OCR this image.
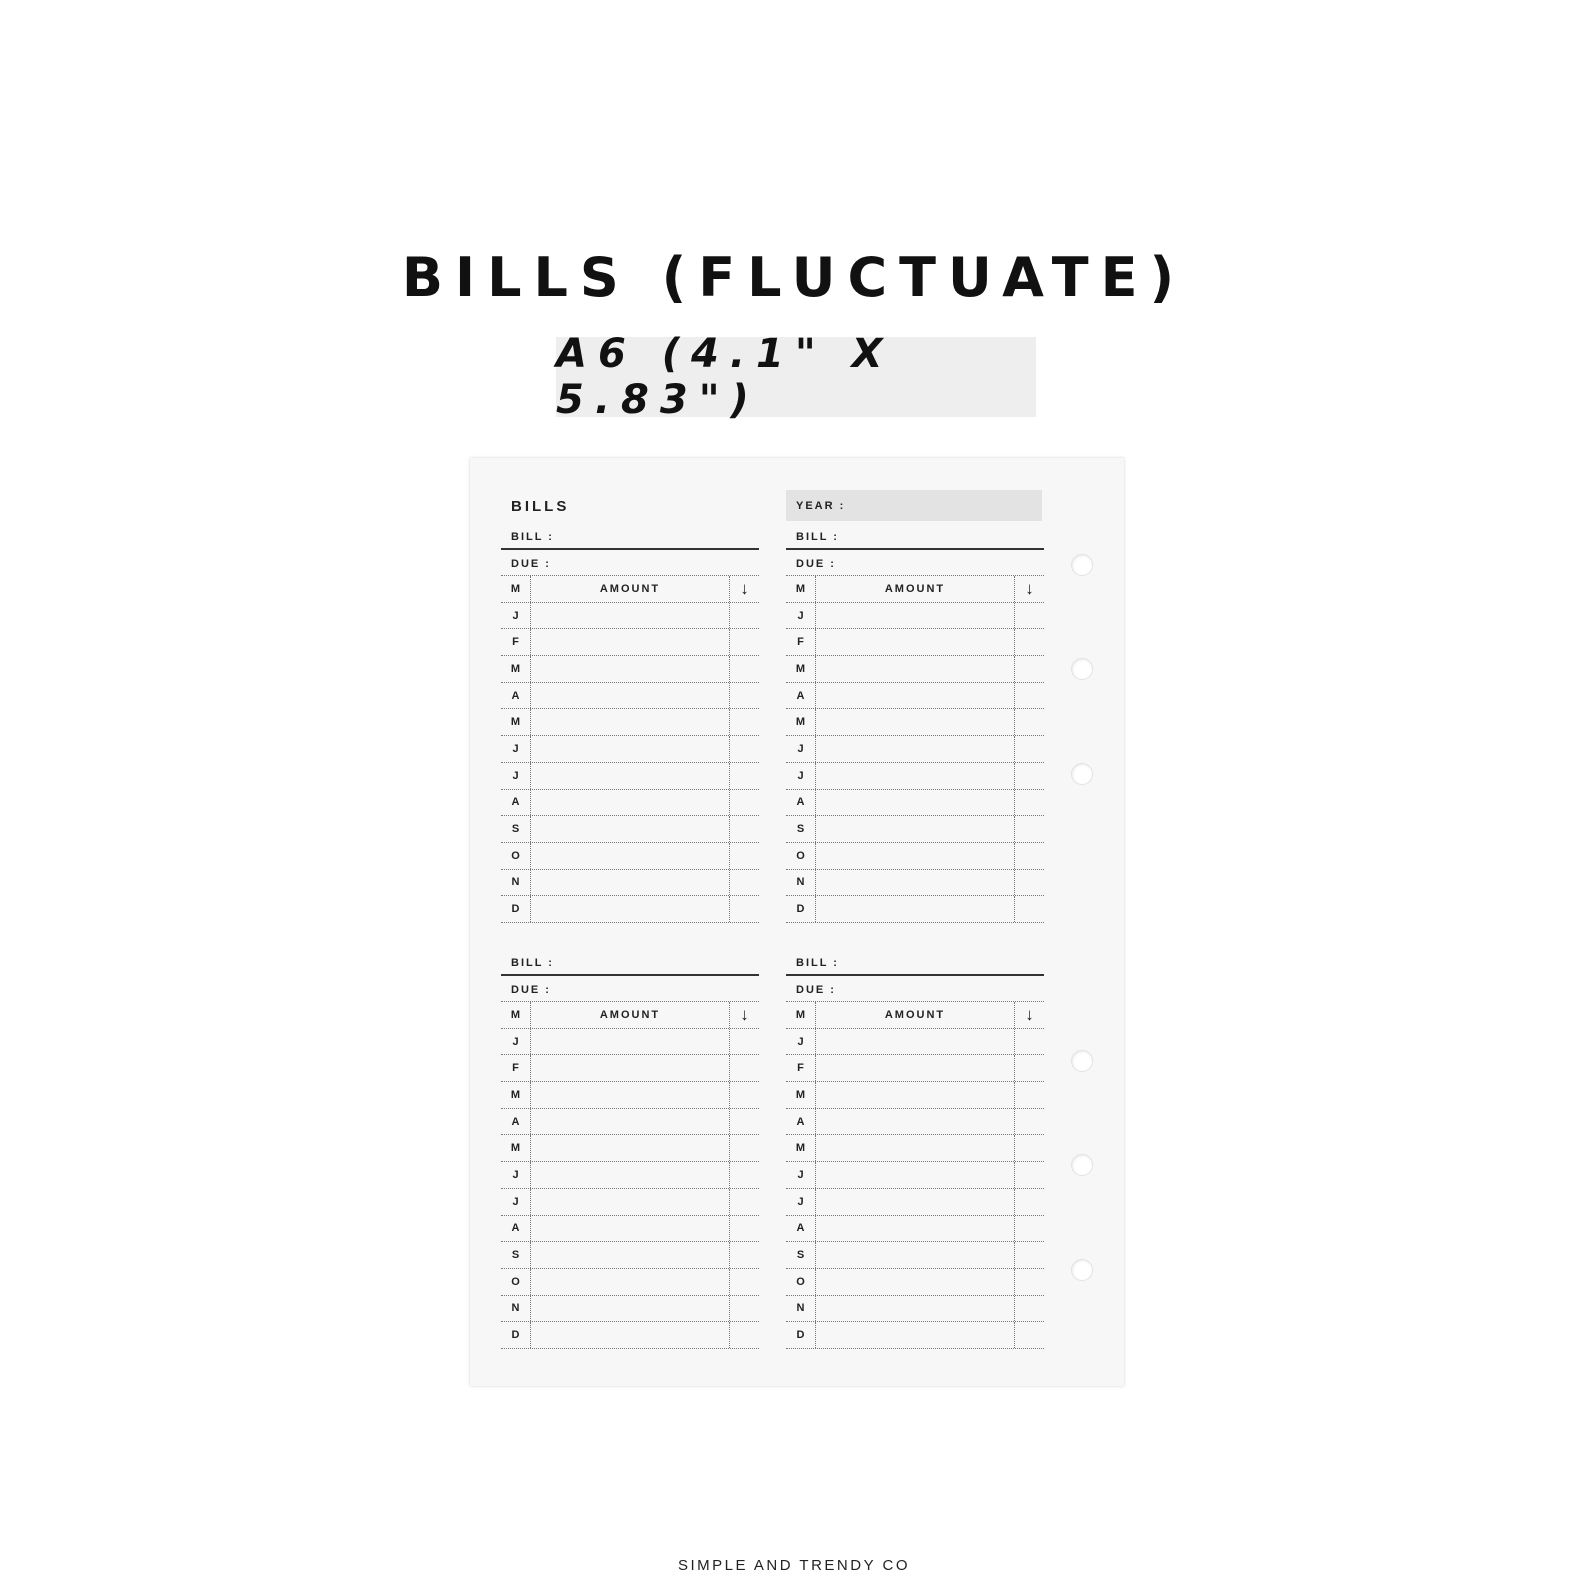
BILLS (FLUCTUATE)
A6 (4.1" X 5.83")
BILLS	YEAR :
BILL :
DUE :
M	AMOUNT	↓
J
F
M
A
M
J
J
A
S
O
N
D
BILL :
DUE :
M	AMOUNT	↓
J
F
M
A
M
J
J
A
S
O
N
D
BILL :
DUE :
M	AMOUNT	↓
J
F
M
A
M
J
J
A
S
O
N
D
BILL :
DUE :
M	AMOUNT	↓
J
F
M
A
M
J
J
A
S
O
N
D
SIMPLE AND TRENDY CO
